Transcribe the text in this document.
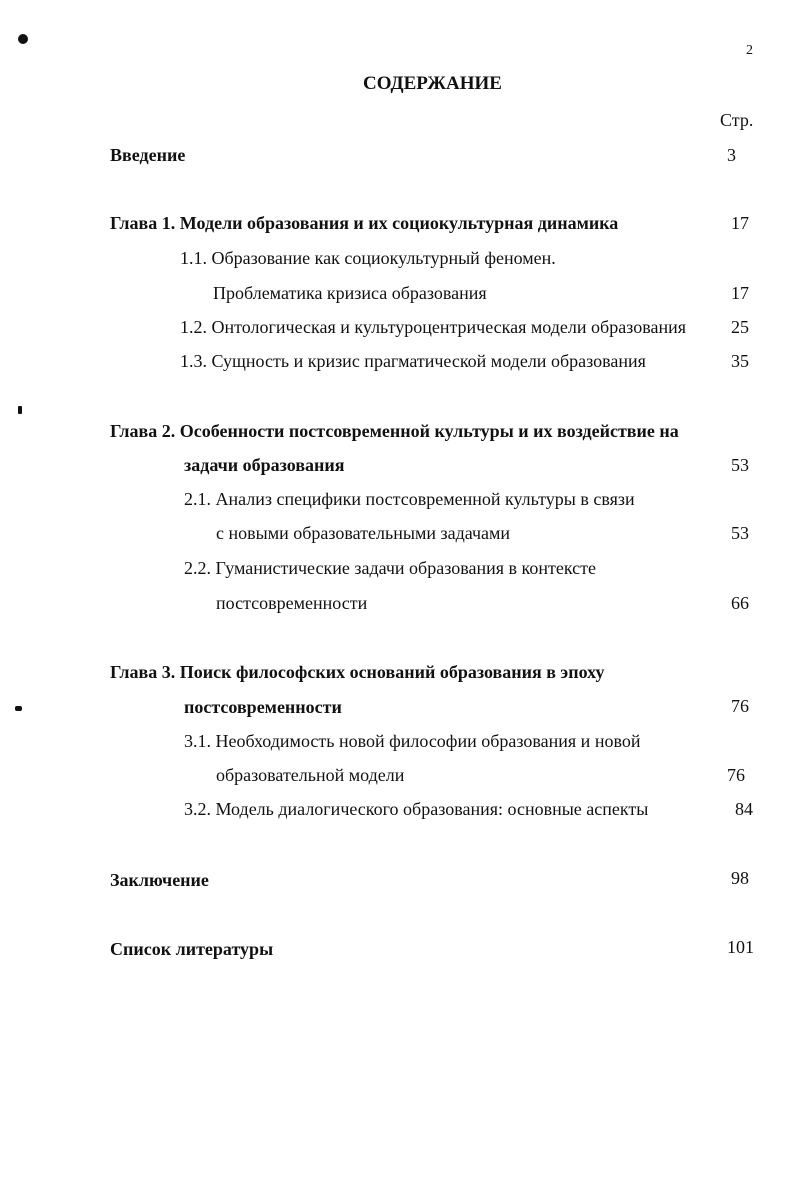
2
СОДЕРЖАНИЕ
Стр.
Введение	3
Глава 1. Модели образования и их социокультурная динамика	17
1.1. Образование как социокультурный феномен.
Проблематика кризиса образования	17
1.2. Онтологическая и культуроцентрическая модели образования	25
1.3. Сущность и кризис прагматической модели образования	35
Глава 2. Особенности постсовременной культуры и их воздействие на
задачи образования	53
2.1. Анализ специфики постсовременной культуры в связи
с новыми образовательными задачами	53
2.2. Гуманистические задачи образования в контексте
постсовременности	66
Глава 3. Поиск философских оснований образования в эпоху
постсовременности	76
3.1. Необходимость новой философии образования и новой
образовательной модели	76
3.2. Модель диалогического образования: основные аспекты	84
Заключение	98
Список литературы	101
